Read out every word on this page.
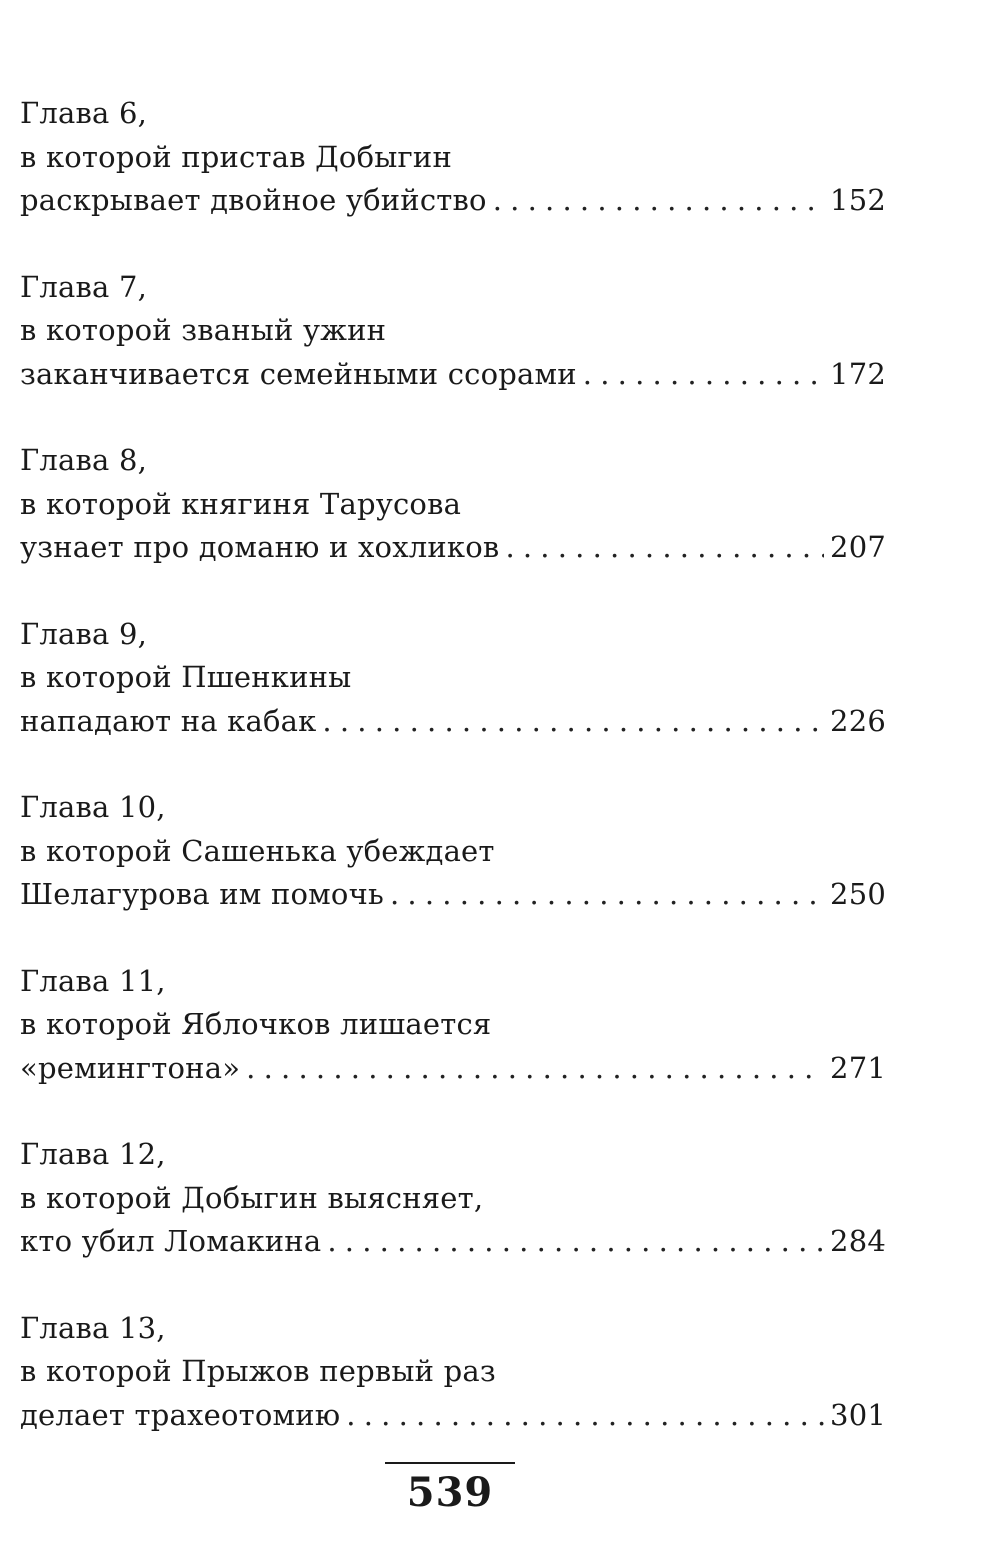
Глава 6,
в которой пристав Добыгин
раскрывает двойное убийство . . .	152
Глава 7,
в которой званый ужин
заканчивается семейными ссорами . . .	172
Глава 8,
в которой княгиня Тарусова
узнает про доманю и хохликов . . .	207
Глава 9,
в которой Пшенкины
нападают на кабак . . .	226
Глава 10,
в которой Сашенька убеждает
Шелагурова им помочь . . .	250
Глава 11,
в которой Яблочков лишается
«ремингтона» . . .	271
Глава 12,
в которой Добыгин выясняет,
кто убил Ломакина . . .	284
Глава 13,
в которой Прыжов первый раз
делает трахеотомию . . .	301
539
